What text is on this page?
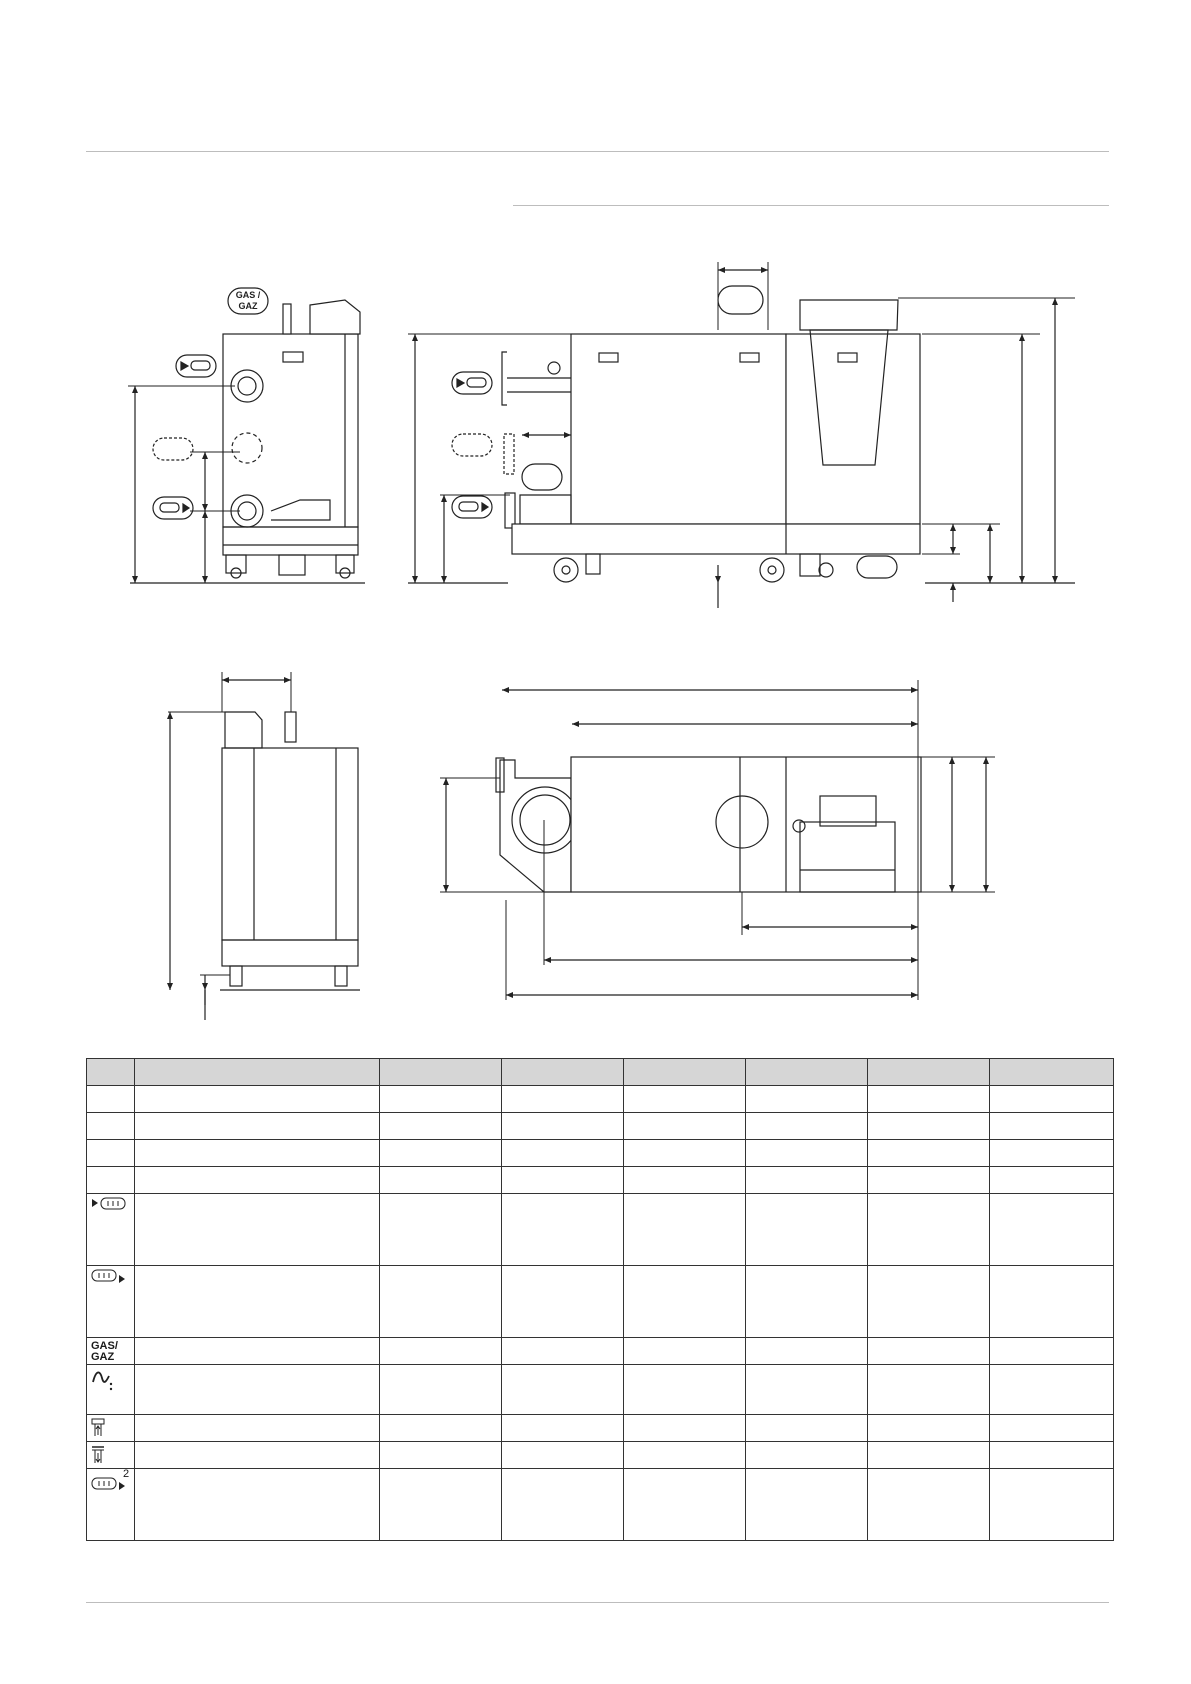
GAS /
GAZ

GAS/
GAZ							

2							
